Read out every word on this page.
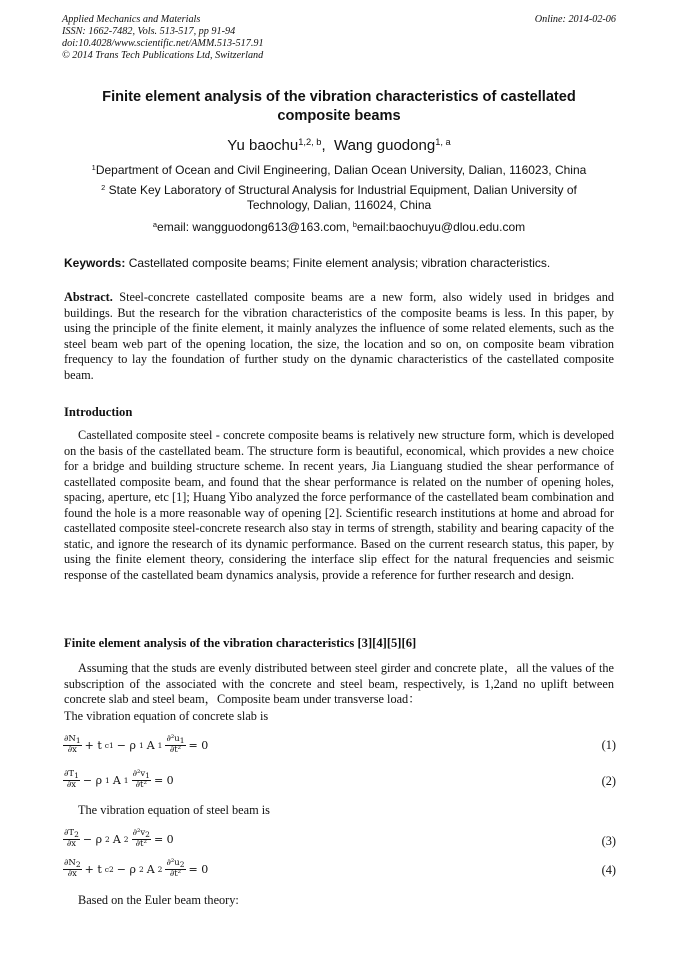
Applied Mechanics and Materials
ISSN: 1662-7482, Vols. 513-517, pp 91-94
doi:10.4028/www.scientific.net/AMM.513-517.91
© 2014 Trans Tech Publications Ltd, Switzerland
Online: 2014-02-06
Finite element analysis of the vibration characteristics of castellated
composite beams
Yu baochu$^{1,2, b}$, Wang guodong$^{1, a}$
$^1$Department of Ocean and Civil Engineering, Dalian Ocean University, Dalian, 116023, China
$^2$ State Key Laboratory of Structural Analysis for Industrial Equipment, Dalian University of
Technology, Dalian, 116024, China
$^a$email: wangguodong613@163.com, $^b$email:baochuyu@dlou.edu.com
Keywords: Castellated composite beams; Finite element analysis; vibration characteristics.
Abstract. Steel-concrete castellated composite beams are a new form, also widely used in bridges and buildings. But the research for the vibration characteristics of the composite beams is less. In this paper, by using the principle of the finite element, it mainly analyzes the influence of some related elements, such as the steel beam web part of the opening location, the size, the location and so on, on composite beam vibration frequency to lay the foundation of further study on the dynamic characteristics of the castellated composite beam.
Introduction
Castellated composite steel - concrete composite beams is relatively new structure form, which is developed on the basis of the castellated beam. The structure form is beautiful, economical, which provides a new choice for a bridge and building structure scheme. In recent years, Jia Lianguang studied the shear performance of castellated composite beam, and found that the shear performance is related on the number of opening holes, spacing, aperture, etc [1]; Huang Yibo analyzed the force performance of the castellated beam combination and found the hole is a more reasonable way of opening [2]. Scientific research institutions at home and abroad for castellated composite steel-concrete research also stay in terms of strength, stability and bearing capacity of the static, and ignore the research of its dynamic performance. Based on the current research status, this paper, by using the finite element theory, considering the interface slip effect for the natural frequencies and seismic response of the castellated beam dynamics analysis, provide a reference for further research and design.
Finite element analysis of the vibration characteristics [3][4][5][6]
Assuming that the studs are evenly distributed between steel girder and concrete plate，all the values of the subscription of the associated with the concrete and steel beam, respectively, is 1,2and no uplift between concrete slab and steel beam，Composite beam under transverse load：
The vibration equation of concrete slab is
$\frac{\partial N1}{\partial x} + t$ c1 − ρ 1 A $1 \frac{\text{∂²u1}}{\text{∂t²}} = 0$	(1)
$\frac{\partial T1}{\partial x} - \rho$ 1 A $1 \frac{\text{∂²v1}}{\text{∂t²}} = 0$	(2)
The vibration equation of steel beam is
$\frac{\partial T2}{\partial x} - \rho$ 2 A $2 \frac{\text{∂²v2}}{\text{∂t²}} = 0$	(3)
$\frac{\partial N2}{\partial x} + t$ c2 − ρ 2 A $2 \frac{\text{∂²u2}}{\text{∂t²}} = 0$	(4)
Based on the Euler beam theory:
